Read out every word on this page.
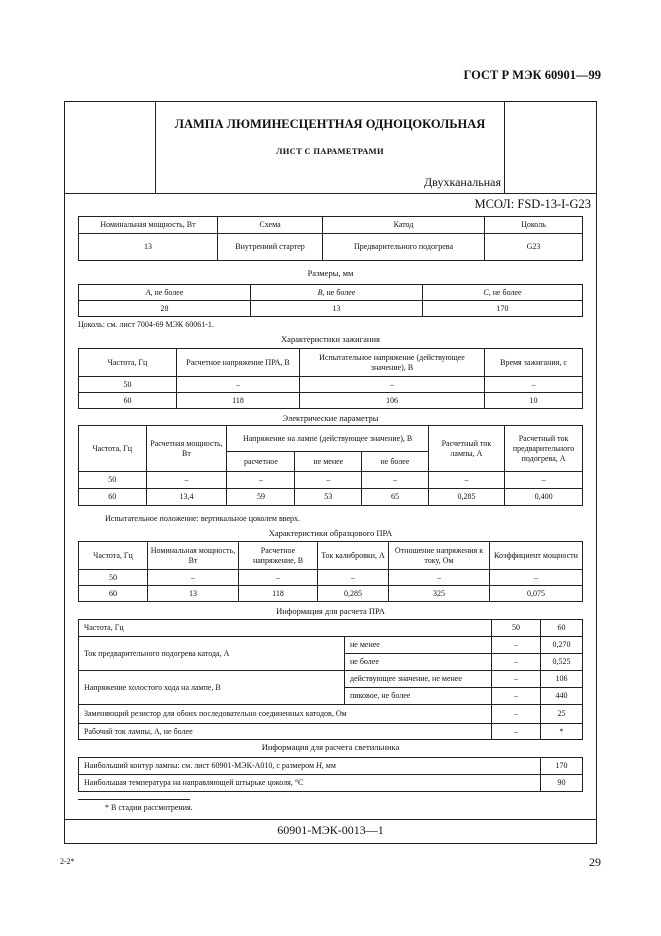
ГОСТ Р МЭК 60901—99
ЛАМПА ЛЮМИНЕСЦЕНТНАЯ ОДНОЦОКОЛЬНАЯ
ЛИСТ С ПАРАМЕТРАМИ
Двухканальная
МСОЛ: FSD-13-I-G23
Номинальная мощность, Вт	Схема	Катод	Цоколь
13	Внутренний стартер	Предварительного подогрева	G23
Размеры, мм
A, не более	B, не более	C, не более
28	13	170
Цоколь: см. лист 7004-69 МЭК 60061-1.
Характеристики зажигания
Частота, Гц	Расчетное напряжение ПРА, В	Испытательное напряжение (действующее значение), В	Время зажигания, с
50	–	–	–
60	118	106	10
Электрические параметры
Частота, Гц	Расчетная мощность, Вт	Напряжение на лампе (действующее значение), В			Расчетный ток лампы, А	Расчетный ток предварительного подогрева, А
		расчетное	не менее	не более		
50	–	–	–	–	–	–
60	13,4	59	53	65	0,285	0,400
Испытательное положение: вертикальное цоколем вверх.
Характеристики образцового ПРА
Частота, Гц	Номинальная мощность, Вт	Расчетное напряжение, В	Ток калибровки, А	Отношение напряжения к току, Ом	Коэффициент мощности
50	–	–	–	–	–
60	13	118	0,285	325	0,075
Информация для расчета ПРА
Частота, Гц		50	60
Ток предварительного подогрева катода, А	не менее	–	0,270
	не более	–	0,525
Напряжение холостого хода на лампе, В	действующее значение, не менее	–	106
	пиковое, не более	–	440
Заменяющий резистор для обоих последовательно соединенных катодов, Ом		–	25
Рабочий ток лампы, А, не более		–	*
Информация для расчета светильника
Наибольший контур лампы: см. лист 60901-МЭК-А010, с размером H, мм	170
Наибольшая температура на направляющей штырьке цоколя, °С	90
* В стадии рассмотрения.
60901-МЭК-0013—1
2-2*	29
